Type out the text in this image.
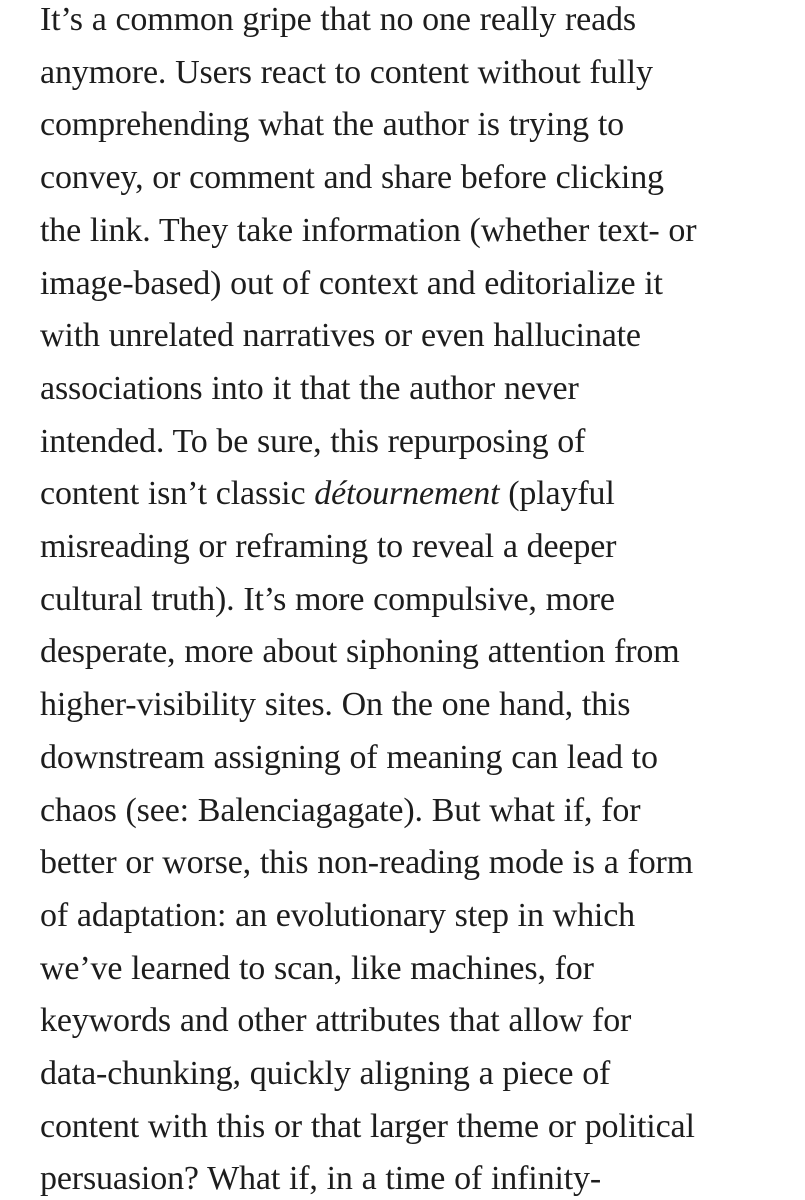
It’s a common gripe that no one really reads
anymore. Users react to content without fully
comprehending what the author is trying to
convey, or comment and share before clicking
the link. They take information (whether text- or
image-based) out of context and editorialize it
with unrelated narratives or even hallucinate
associations into it that the author never
intended. To be sure, this repurposing of
content isn’t classic détournement (playful
misreading or reframing to reveal a deeper
cultural truth). It’s more compulsive, more
desperate, more about siphoning attention from
higher-visibility sites. On the one hand, this
downstream assigning of meaning can lead to
chaos (see: Balenciagagate). But what if, for
better or worse, this non-reading mode is a form
of adaptation: an evolutionary step in which
we’ve learned to scan, like machines, for
keywords and other attributes that allow for
data-chunking, quickly aligning a piece of
content with this or that larger theme or political
persuasion? What if, in a time of infinity-
